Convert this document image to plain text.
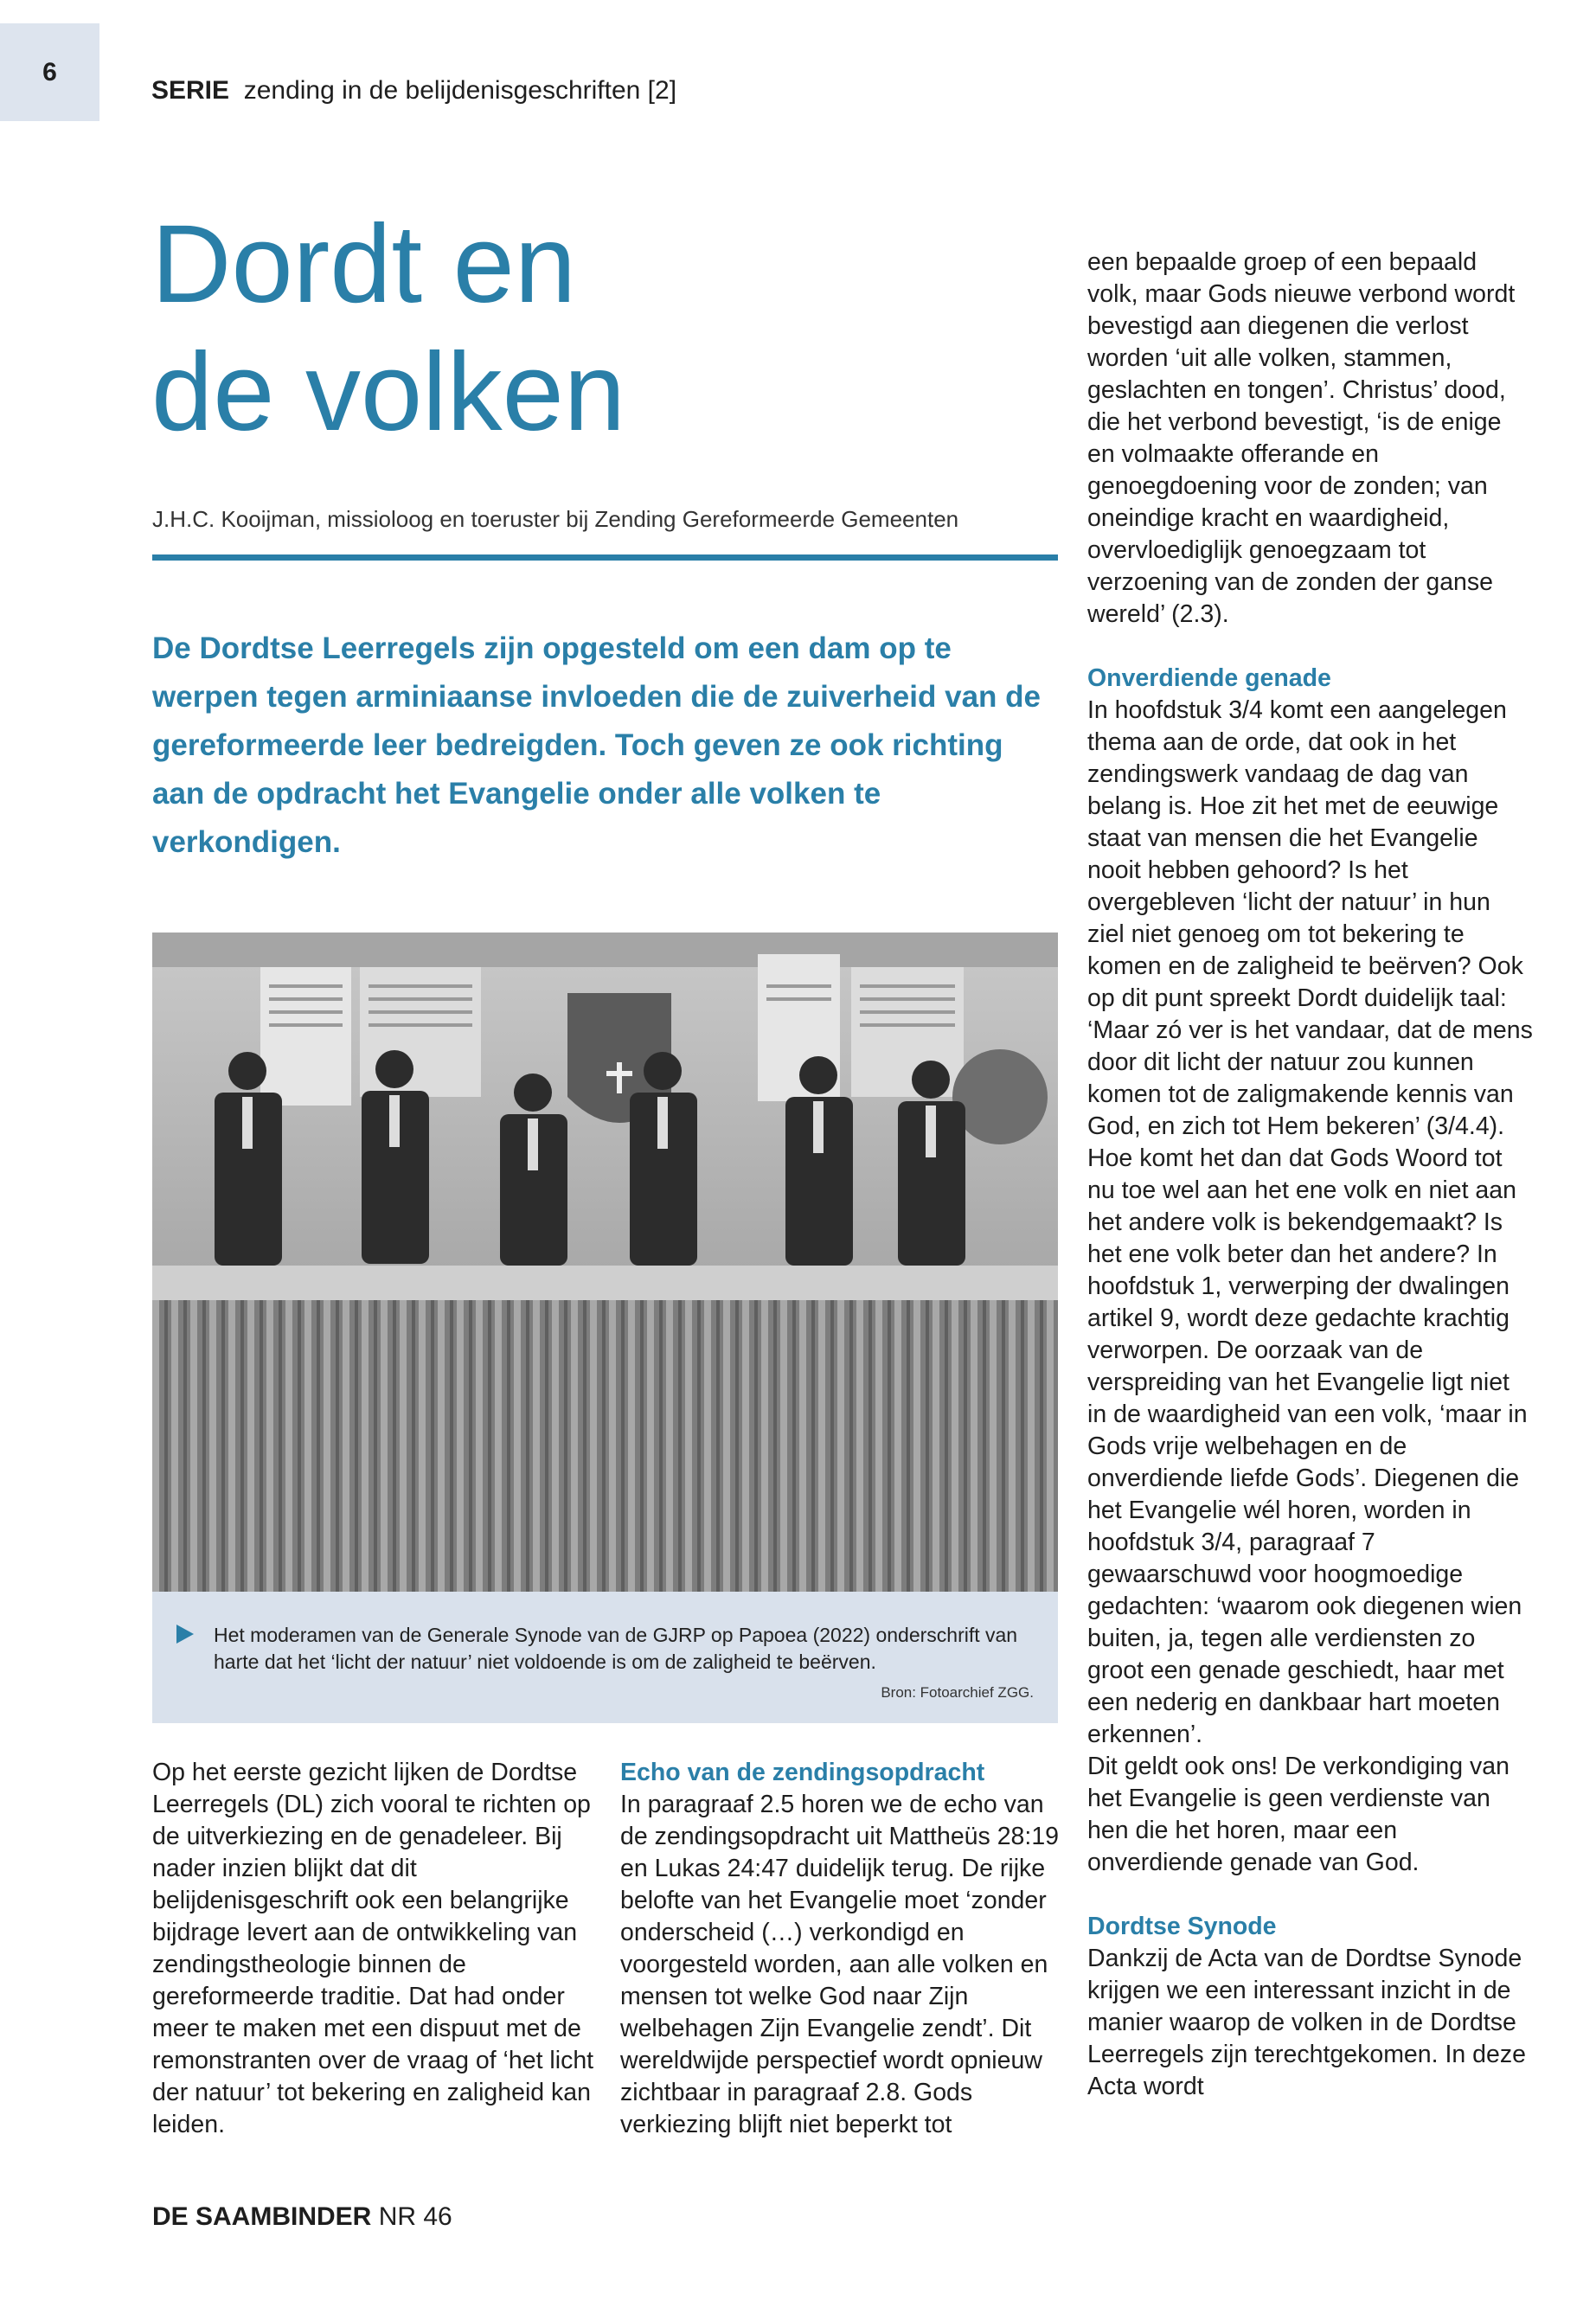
6
SERIE zending in de belijdenisgeschriften [2]
Dordt en
de volken
J.H.C. Kooijman, missioloog en toeruster bij Zending Gereformeerde Gemeenten
De Dordtse Leerregels zijn opgesteld om een dam op te werpen tegen arminiaanse invloeden die de zuiverheid van de gereformeerde leer bedreigden. Toch geven ze ook richting aan de opdracht het Evangelie onder alle volken te verkondigen.
Het moderamen van de Generale Synode van de GJRP op Papoea (2022) onderschrift van harte dat het ‘licht der natuur’ niet voldoende is om de zaligheid te beërven.
Bron: Fotoarchief ZGG.

Op het eerste gezicht lijken de Dordtse Leerregels (DL) zich vooral te richten op de uitverkiezing en de genadeleer. Bij nader inzien blijkt dat dit belijdenisgeschrift ook een belangrijke bijdrage levert aan de ontwikkeling van zendingstheologie binnen de gereformeerde traditie. Dat had onder meer te maken met een dispuut met de remonstranten over de vraag of ‘het licht der natuur’ tot bekering en zaligheid kan leiden.

Echo van de zendingsopdracht

In paragraaf 2.5 horen we de echo van de zendingsopdracht uit Mattheüs 28:19 en Lukas 24:47 duidelijk terug. De rijke belofte van het Evangelie moet ‘zonder onderscheid (…) verkondigd en voorgesteld worden, aan alle volken en mensen tot welke God naar Zijn welbehagen Zijn Evangelie zendt’. Dit wereldwijde perspectief wordt opnieuw zichtbaar in paragraaf 2.8. Gods verkiezing blijft niet beperkt tot

een bepaalde groep of een bepaald volk, maar Gods nieuwe verbond wordt bevestigd aan diegenen die verlost worden ‘uit alle volken, stammen, geslachten en tongen’. Christus’ dood, die het verbond bevestigt, ‘is de enige en volmaakte offerande en genoegdoening voor de zonden; van oneindige kracht en waardigheid, overvloediglijk genoegzaam tot verzoening van de zonden der ganse wereld’ (2.3).

Onverdiende genade

In hoofdstuk 3/4 komt een aangelegen thema aan de orde, dat ook in het zendingswerk vandaag de dag van belang is. Hoe zit het met de eeuwige staat van mensen die het Evangelie nooit hebben gehoord? Is het overgebleven ‘licht der natuur’ in hun ziel niet genoeg om tot bekering te komen en de zaligheid te beërven? Ook op dit punt spreekt Dordt duidelijk taal: ‘Maar zó ver is het vandaar, dat de mens door dit licht der natuur zou kunnen komen tot de zaligmakende kennis van God, en zich tot Hem bekeren’ (3/4.4).

Hoe komt het dan dat Gods Woord tot nu toe wel aan het ene volk en niet aan het andere volk is bekendgemaakt? Is het ene volk beter dan het andere? In hoofdstuk 1, verwerping der dwalingen artikel 9, wordt deze gedachte krachtig verworpen. De oorzaak van de verspreiding van het Evangelie ligt niet in de waardigheid van een volk, ‘maar in Gods vrije welbehagen en de onverdiende liefde Gods’. Diegenen die het Evangelie wél horen, worden in hoofdstuk 3/4, paragraaf 7 gewaarschuwd voor hoogmoedige gedachten: ‘waarom ook diegenen wien buiten, ja, tegen alle verdiensten zo groot een genade geschiedt, haar met een nederig en dankbaar hart moeten erkennen’.

Dit geldt ook ons! De verkondiging van het Evangelie is geen verdienste van hen die het horen, maar een onverdiende genade van God.

Dordtse Synode

Dankzij de Acta van de Dordtse Synode krijgen we een interessant inzicht in de manier waarop de volken in de Dordtse Leerregels zijn terechtgekomen. In deze Acta wordt

DE SAAMBINDER NR 46
